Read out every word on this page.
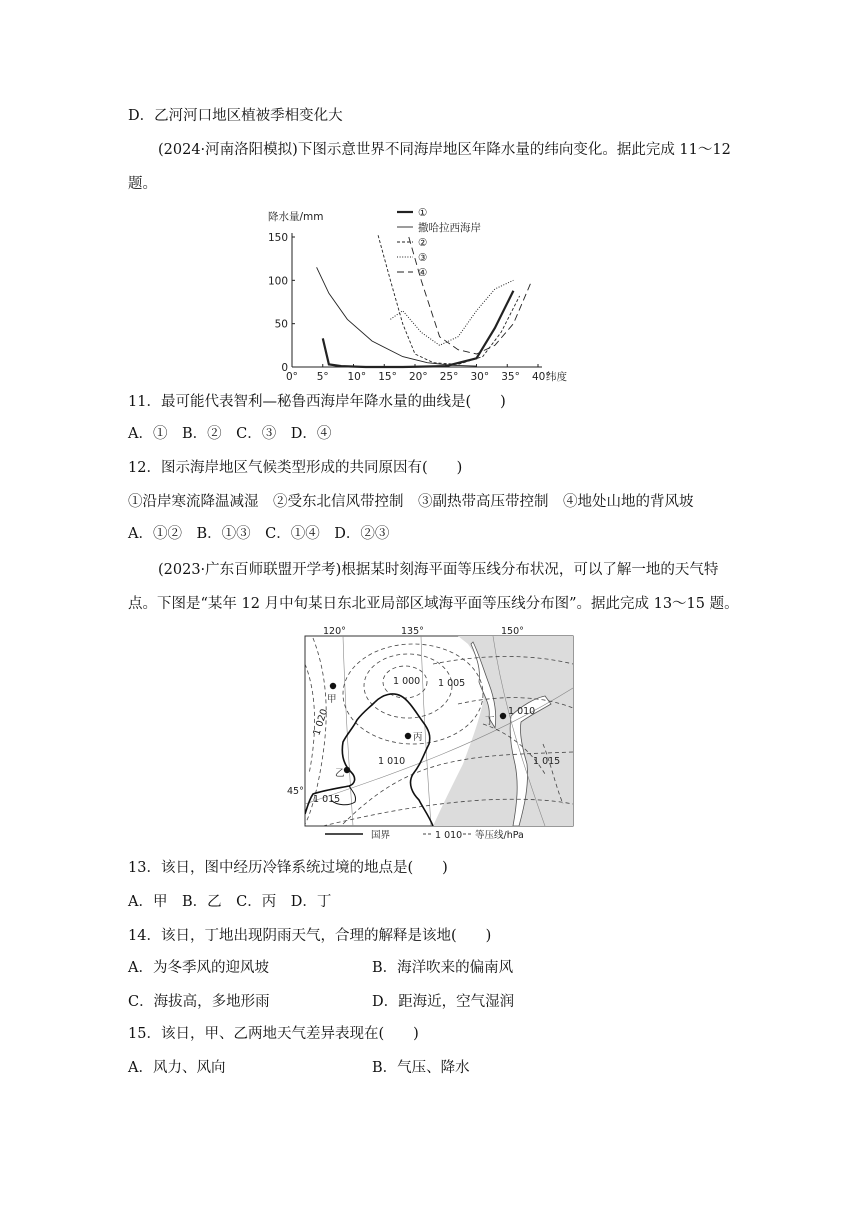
D．乙河河口地区植被季相变化大
(2024·河南洛阳模拟)下图示意世界不同海岸地区年降水量的纬向变化。据此完成 11～12
题。
降水量/mm
0° 5° 10° 15° 20° 25° 30° 35° 40°
纬度
0
50
100
150
①
撒哈拉西海岸
②
③
④
11．最可能代表智利—秘鲁西海岸年降水量的曲线是(　　)
A．①　B．②　C．③　D．④
12．图示海岸地区气候类型形成的共同原因有(　　)
①沿岸寒流降温减湿　②受东北信风带控制　③副热带高压带控制　④地处山地的背风坡
A．①②　B．①③　C．①④　D．②③
(2023·广东百师联盟开学考)根据某时刻海平面等压线分布状况，可以了解一地的天气特
点。下图是“某年 12 月中旬某日东北亚局部区域海平面等压线分布图”。据此完成 13～15 题。
120°	135°	150°
45°
1 000 1 005
1 010
1 010
1 015
1 015
1 020
甲
乙
丙
丁
国界	1 010 等压线/hPa
13．该日，图中经历冷锋系统过境的地点是(　　)
A．甲　B．乙　C．丙　D．丁
14．该日，丁地出现阴雨天气，合理的解释是该地(　　)
A．为冬季风的迎风坡	B．海洋吹来的偏南风
C．海拔高，多地形雨	D．距海近，空气湿润
15．该日，甲、乙两地天气差异表现在(　　)
A．风力、风向	B．气压、降水
